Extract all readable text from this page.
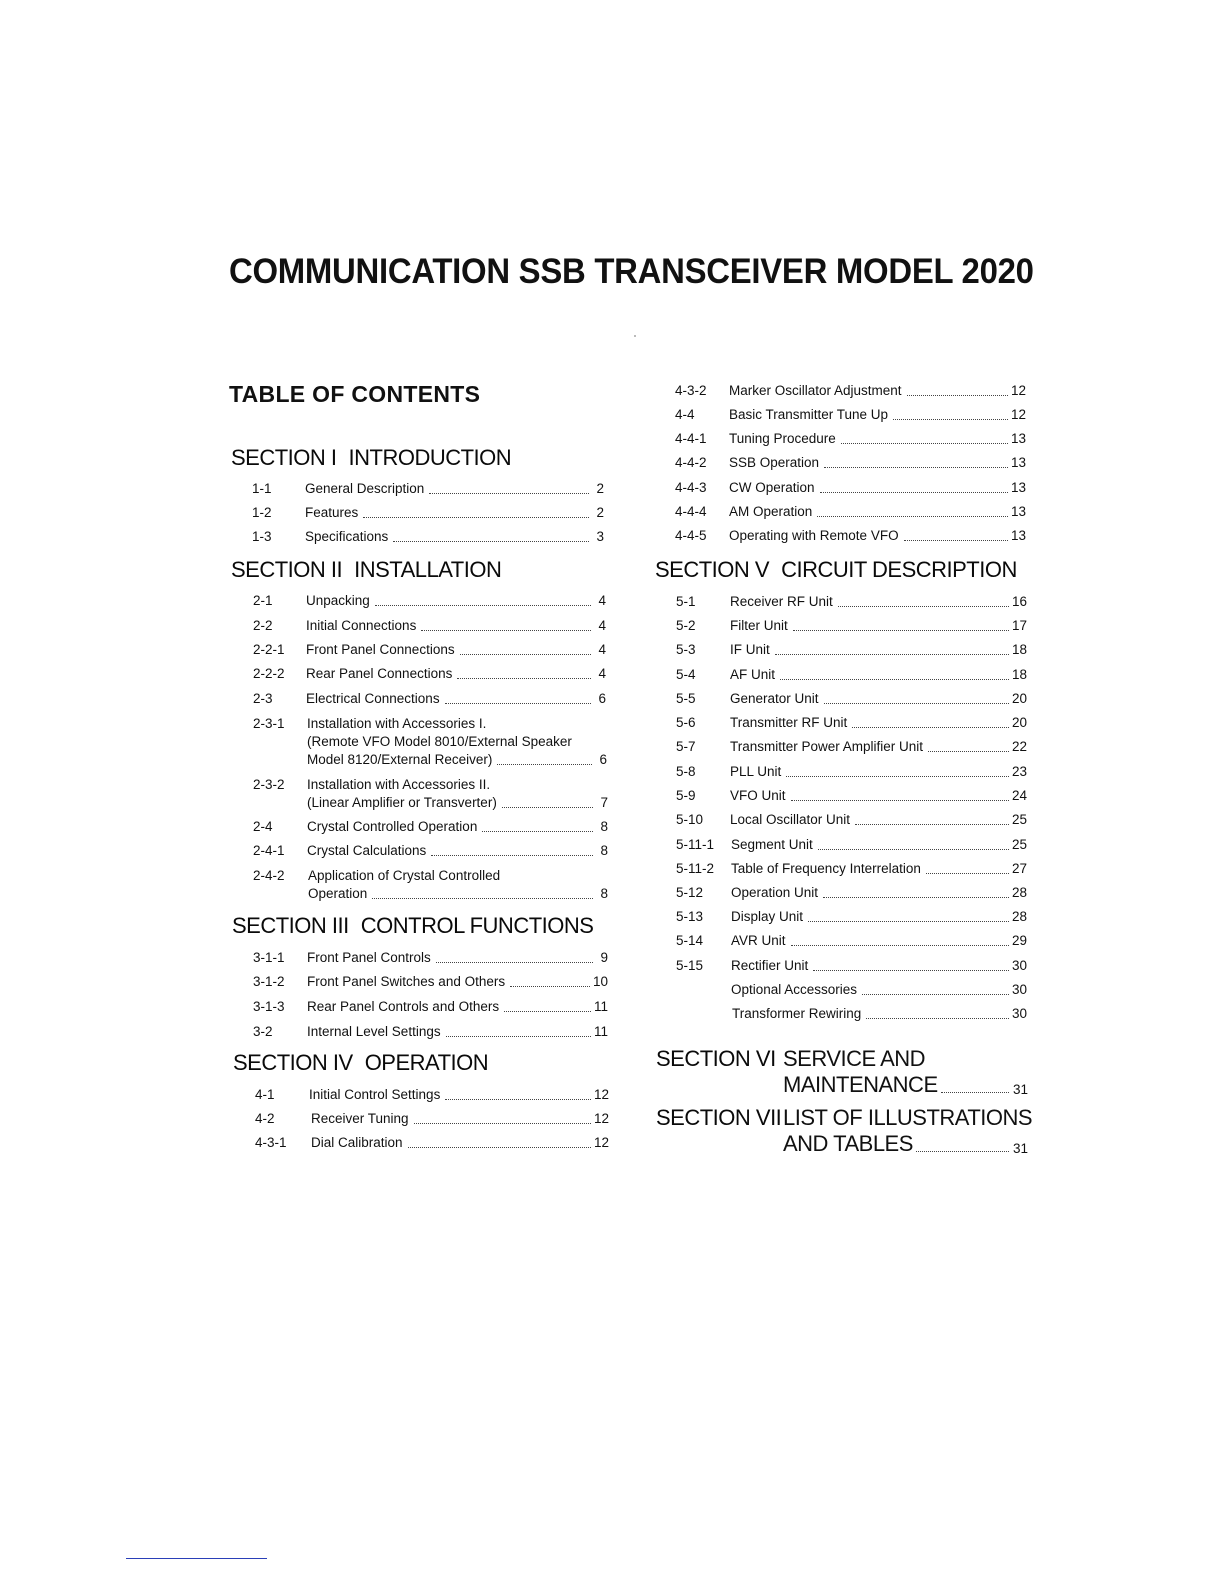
COMMUNICATION SSB TRANSCEIVER MODEL 2020
TABLE OF CONTENTS
SECTION I INTRODUCTION
1-1	General Description	2
1-2	Features	2
1-3	Specifications	3
SECTION II INSTALLATION
2-1	Unpacking	4
2-2	Initial Connections	4
2-2-1	Front Panel Connections	4
2-2-2	Rear Panel Connections	4
2-3	Electrical Connections	6
2-3-1	Installation with Accessories I.
(Remote VFO Model 8010/External Speaker
Model 8120/External Receiver)	6
2-3-2	Installation with Accessories II.
(Linear Amplifier or Transverter)	7
2-4	Crystal Controlled Operation	8
2-4-1	Crystal Calculations	8
2-4-2	Application of Crystal Controlled
Operation	8
SECTION III CONTROL FUNCTIONS
3-1-1	Front Panel Controls	9
3-1-2	Front Panel Switches and Others	10
3-1-3	Rear Panel Controls and Others	11
3-2	Internal Level Settings	11
SECTION IV OPERATION
4-1	Initial Control Settings	12
4-2	Receiver Tuning	12
4-3-1	Dial Calibration	12
4-3-2	Marker Oscillator Adjustment	12
4-4	Basic Transmitter Tune Up	12
4-4-1	Tuning Procedure	13
4-4-2	SSB Operation	13
4-4-3	CW Operation	13
4-4-4	AM Operation	13
4-4-5	Operating with Remote VFO	13
SECTION V CIRCUIT DESCRIPTION
5-1	Receiver RF Unit	16
5-2	Filter Unit	17
5-3	IF Unit	18
5-4	AF Unit	18
5-5	Generator Unit	20
5-6	Transmitter RF Unit	20
5-7	Transmitter Power Amplifier Unit	22
5-8	PLL Unit	23
5-9	VFO Unit	24
5-10	Local Oscillator Unit	25
5-11-1	Segment Unit	25
5-11-2	Table of Frequency Interrelation	27
5-12	Operation Unit	28
5-13	Display Unit	28
5-14	AVR Unit	29
5-15	Rectifier Unit	30
Optional Accessories	30
Transformer Rewiring	30
SECTION VI SERVICE AND
MAINTENANCE	31
SECTION VII LIST OF ILLUSTRATIONS
AND TABLES	31
